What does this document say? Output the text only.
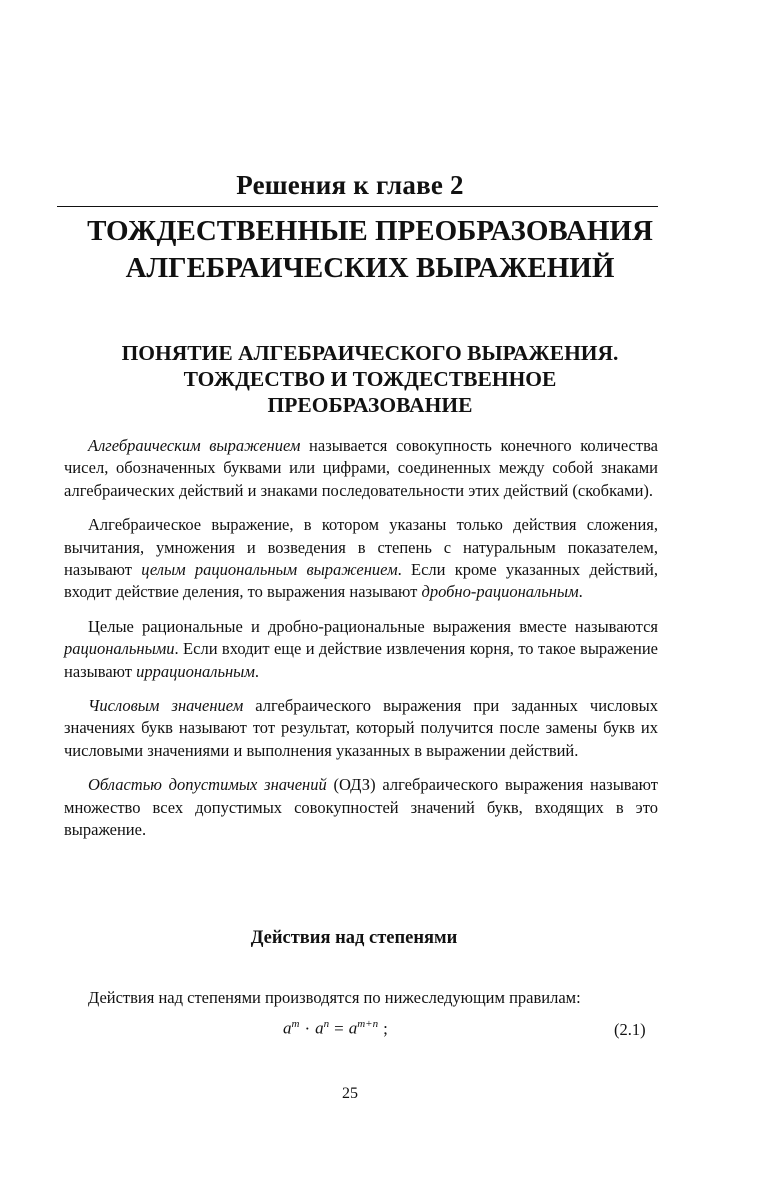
Решения к главе 2
ТОЖДЕСТВЕННЫЕ ПРЕОБРАЗОВАНИЯ
АЛГЕБРАИЧЕСКИХ ВЫРАЖЕНИЙ
ПОНЯТИЕ АЛГЕБРАИЧЕСКОГО ВЫРАЖЕНИЯ.
ТОЖДЕСТВО И ТОЖДЕСТВЕННОЕ
ПРЕОБРАЗОВАНИЕ

Алгебраическим выражением называется совокупность конечного количества чисел, обозначенных буквами или цифрами, соединенных между собой знаками алгебраических действий и знаками последовательности этих действий (скобками).

Алгебраическое выражение, в котором указаны только действия сложения, вычитания, умножения и возведения в степень с натуральным показателем, называют целым рациональным выражением. Если кроме указанных действий, входит действие деления, то выражения называют дробно-рациональным.

Целые рациональные и дробно-рациональные выражения вместе называются рациональными. Если входит еще и действие извлечения корня, то такое выражение называют иррациональным.

Числовым значением алгебраического выражения при заданных числовых значениях букв называют тот результат, который получится после замены букв их числовыми значениями и выполнения указанных в выражении действий.

Областью допустимых значений (ОДЗ) алгебраического выражения называют множество всех допустимых совокупностей значений букв, входящих в это выражение.

Действия над степенями
Действия над степенями производятся по нижеследующим правилам:
$a^m \cdot a^n = a^{m+n}$ ;	(2.1)
25
